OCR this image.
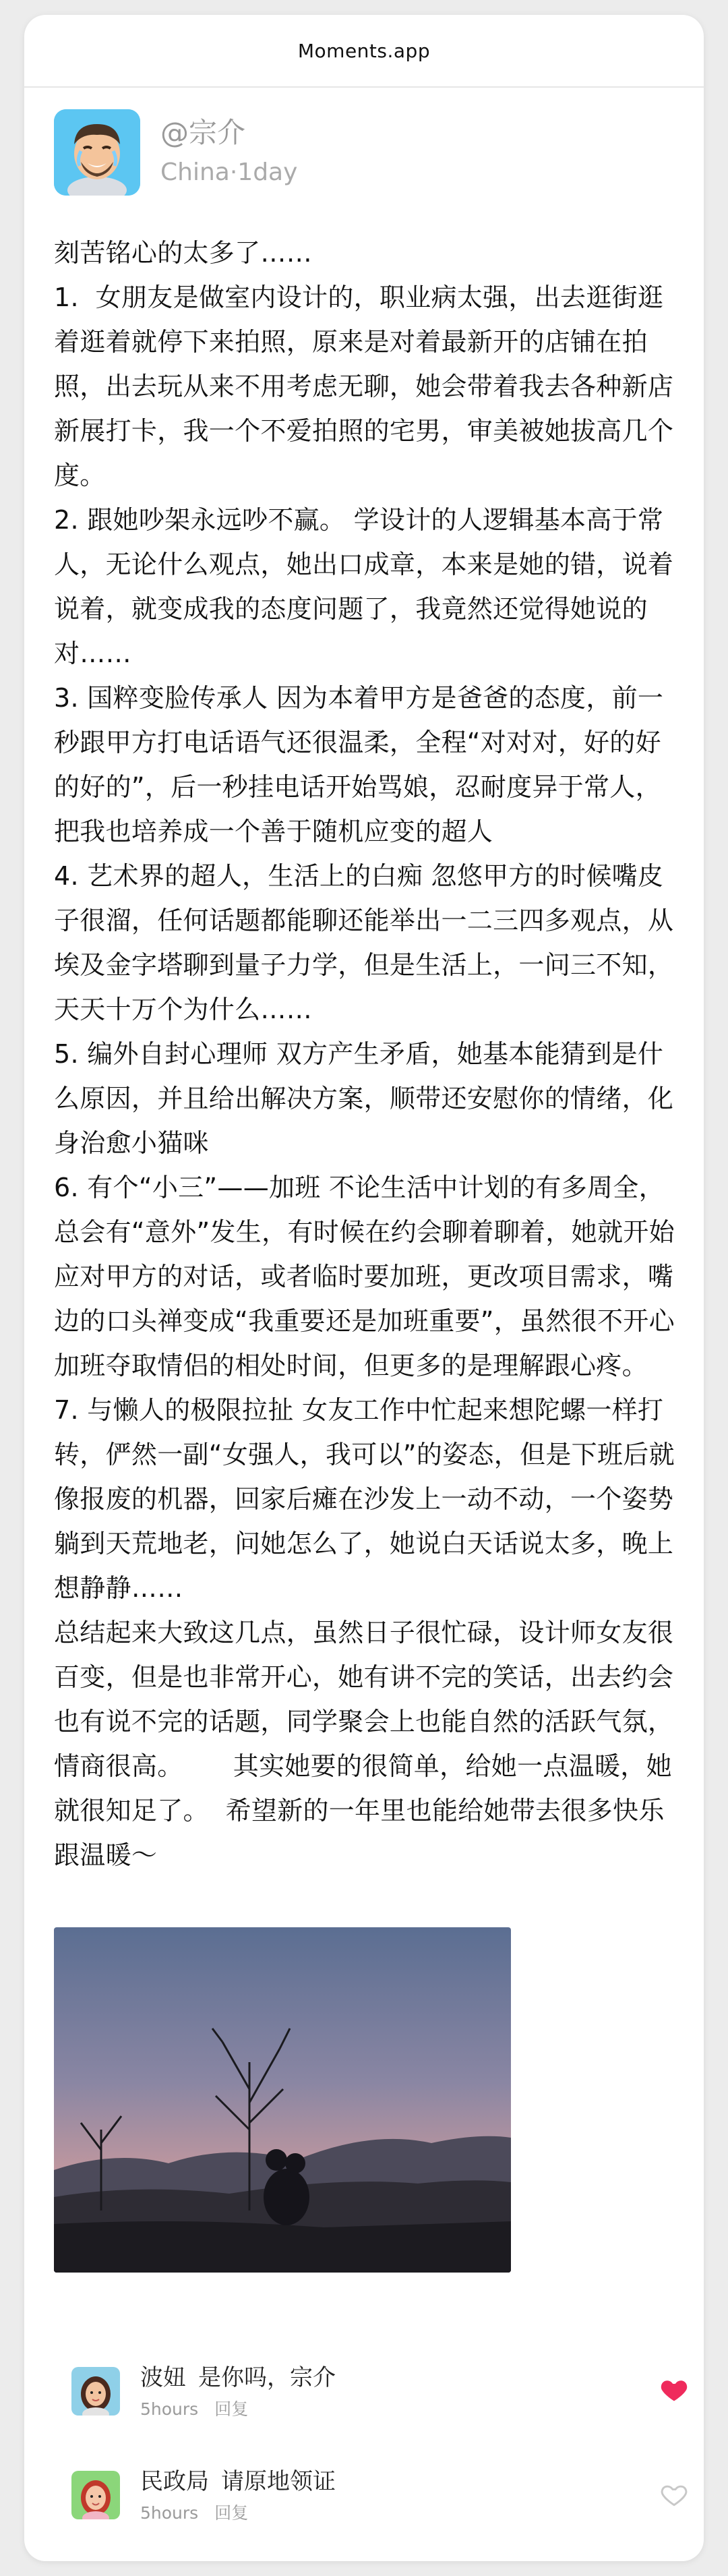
Moments.app
@宗介
China·1day
刻苦铭心的太多了……
1.  女朋友是做室内设计的，职业病太强，出去逛街逛着逛着就停下来拍照，原来是对着最新开的店铺在拍照，出去玩从来不用考虑无聊，她会带着我去各种新店新展打卡，我一个不爱拍照的宅男，审美被她拔高几个度。
2. 跟她吵架永远吵不赢。 学设计的人逻辑基本高于常人，无论什么观点，她出口成章，本来是她的错，说着说着，就变成我的态度问题了，我竟然还觉得她说的对……
3. 国粹变脸传承人 因为本着甲方是爸爸的态度，前一秒跟甲方打电话语气还很温柔，全程“对对对，好的好的好的”，后一秒挂电话开始骂娘，忍耐度异于常人，把我也培养成一个善于随机应变的超人
4. 艺术界的超人，生活上的白痴 忽悠甲方的时候嘴皮子很溜，任何话题都能聊还能举出一二三四多观点，从埃及金字塔聊到量子力学，但是生活上，一问三不知，天天十万个为什么……
5. 编外自封心理师 双方产生矛盾，她基本能猜到是什么原因，并且给出解决方案，顺带还安慰你的情绪，化身治愈小猫咪
6. 有个“小三”——加班 不论生活中计划的有多周全，总会有“意外”发生，有时候在约会聊着聊着，她就开始应对甲方的对话，或者临时要加班，更改项目需求，嘴边的口头禅变成“我重要还是加班重要”，虽然很不开心加班夺取情侣的相处时间，但更多的是理解跟心疼。
7. 与懒人的极限拉扯 女友工作中忙起来想陀螺一样打转，俨然一副“女强人，我可以”的姿态，但是下班后就像报废的机器，回家后瘫在沙发上一动不动，一个姿势躺到天荒地老，问她怎么了，她说白天话说太多，晚上想静静……
总结起来大致这几点，虽然日子很忙碌，设计师女友很百变，但是也非常开心，她有讲不完的笑话，出去约会也有说不完的话题，同学聚会上也能自然的活跃气氛，情商很高。      其实她要的很简单，给她一点温暖，她就很知足了。  希望新的一年里也能给她带去很多快乐跟温暖～
波妞 是你吗，宗介
5hours 回复
民政局 请原地领证
5hours 回复
